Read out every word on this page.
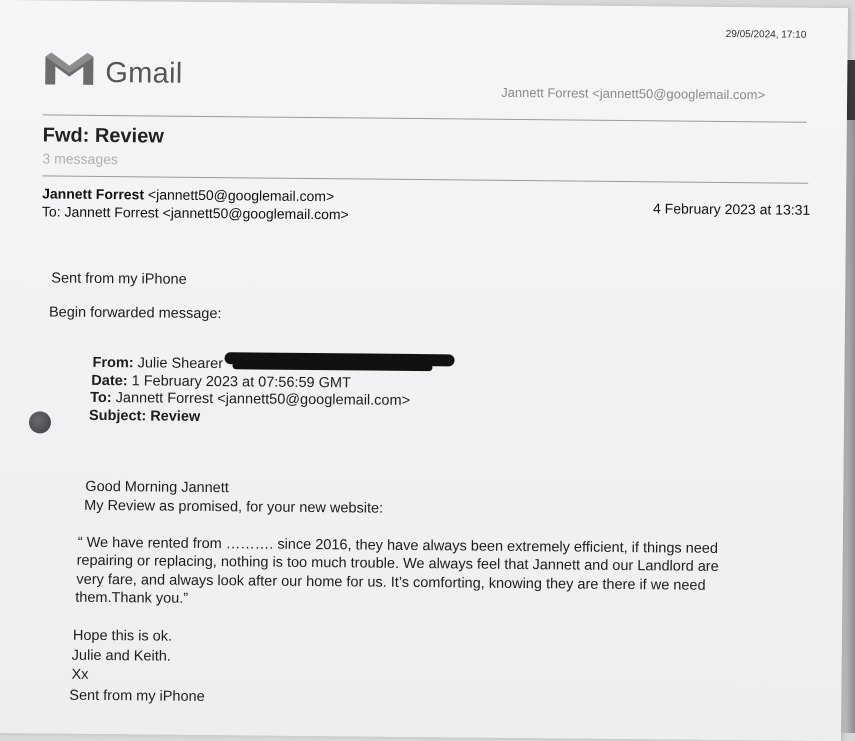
29/05/2024, 17:10
Gmail
Jannett Forrest <jannett50@googlemail.com>
Fwd: Review
3 messages
Jannett Forrest <jannett50@googlemail.com>
To: Jannett Forrest <jannett50@googlemail.com>	4 February 2023 at 13:31
Sent from my iPhone
Begin forwarded message:
From: Julie Shearer
Date: 1 February 2023 at 07:56:59 GMT
To: Jannett Forrest <jannett50@googlemail.com>
Subject: Review
Good Morning Jannett
My Review as promised, for your new website:
“ We have rented from ………. since 2016, they have always been extremely efficient, if things need
repairing or replacing, nothing is too much trouble. We always feel that Jannett and our Landlord are
very fare, and always look after our home for us. It’s comforting, knowing they are there if we need
them.Thank you.”
Hope this is ok.
Julie and Keith.
Xx
Sent from my iPhone
